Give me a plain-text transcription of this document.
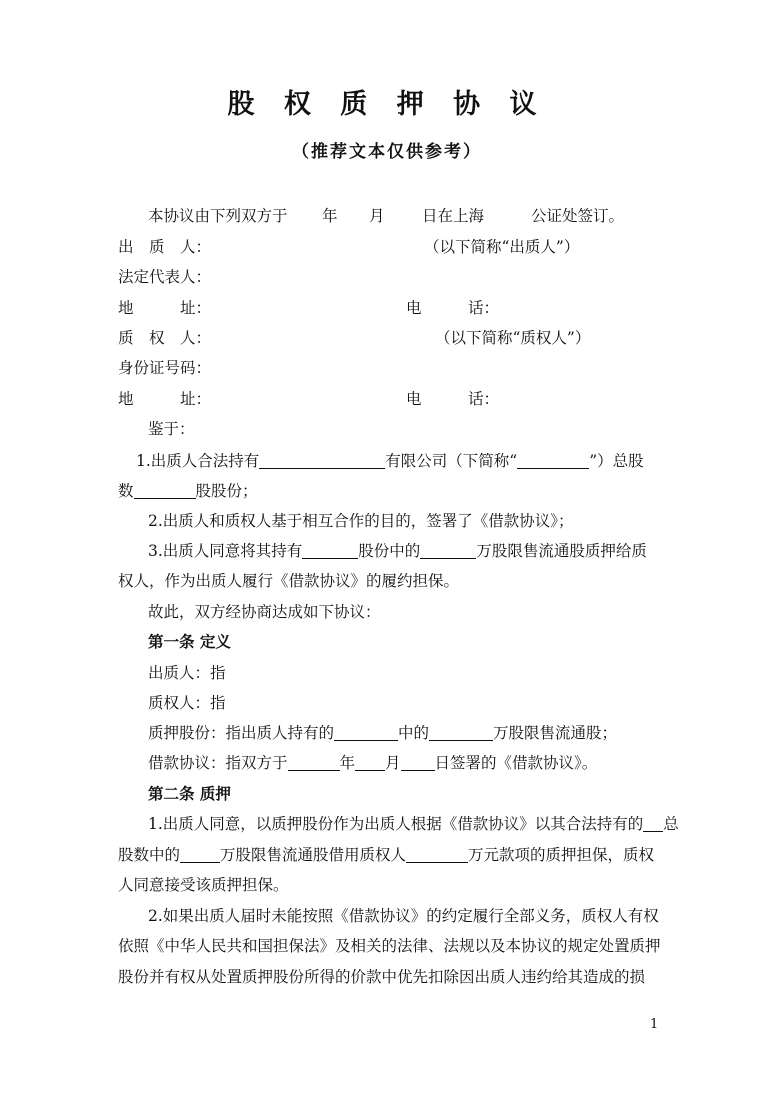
股 权 质 押 协 议
（推荐文本仅供参考）
本协议由下列双方于 年 月 日在上海	公证处签订。
出　质　人：	（以下简称“出质人”）
法定代表人：
地　　　址：	电　　　话：
质　权　人：	（以下简称“质权人”）
身份证号码：
地　　　址：	电　　　话：
鉴于：
1.出质人合法持有	有限公司（下简称“	”）总股
数	股股份；
2.出质人和质权人基于相互合作的目的，签署了《借款协议》；
3.出质人同意将其持有	股份中的	万股限售流通股质押给质
权人，作为出质人履行《借款协议》的履约担保。
故此，双方经协商达成如下协议：
第一条 定义
出质人：指
质权人：指
质押股份：指出质人持有的	中的	万股限售流通股；
借款协议：指双方于	年 月 日签署的《借款协议》。
第二条 质押
1.出质人同意，以质押股份作为出质人根据《借款协议》以其合法持有的 总
股数中的	万股限售流通股借用质权人	万元款项的质押担保，质权
人同意接受该质押担保。
2.如果出质人届时未能按照《借款协议》的约定履行全部义务，质权人有权
依照《中华人民共和国担保法》及相关的法律、法规以及本协议的规定处置质押
股份并有权从处置质押股份所得的价款中优先扣除因出质人违约给其造成的损
1
